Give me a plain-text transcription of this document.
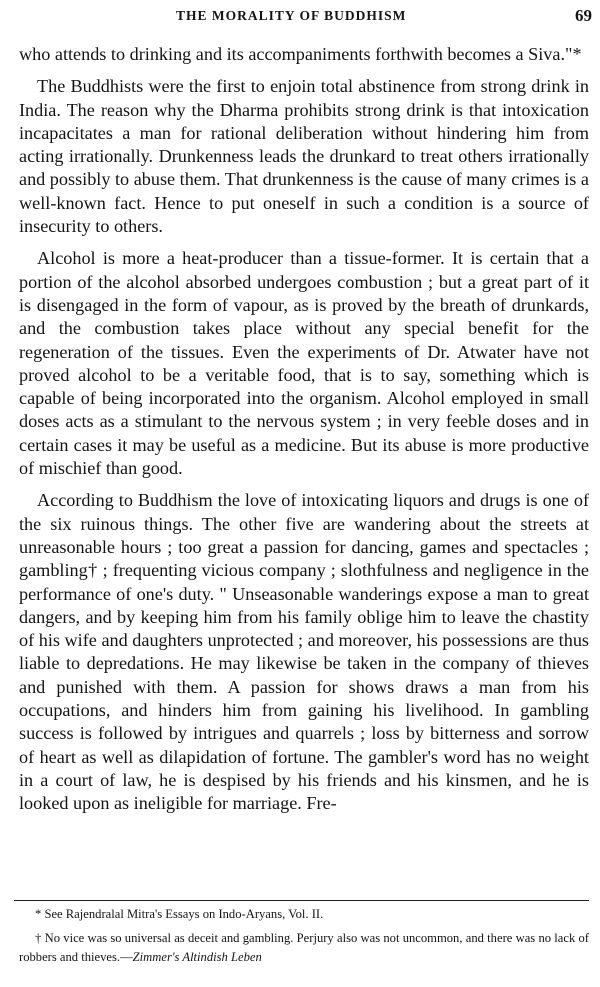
THE MORALITY OF BUDDHISM	69

who attends to drinking and its accompaniments forthwith becomes a Siva."*

The Buddhists were the first to enjoin total abstinence from strong drink in India. The reason why the Dharma prohibits strong drink is that intoxication incapacitates a man for rational deliberation without hindering him from acting irrationally. Drunkenness leads the drunkard to treat others irrationally and possibly to abuse them. That drunkenness is the cause of many crimes is a well-known fact. Hence to put oneself in such a condition is a source of insecurity to others.

Alcohol is more a heat-producer than a tissue-former. It is certain that a portion of the alcohol absorbed undergoes combustion ; but a great part of it is disengaged in the form of vapour, as is proved by the breath of drunkards, and the combustion takes place without any special benefit for the regeneration of the tissues. Even the experiments of Dr. Atwater have not proved alcohol to be a veritable food, that is to say, something which is capable of being incorporated into the organism. Alcohol employed in small doses acts as a stimulant to the nervous system ; in very feeble doses and in certain cases it may be useful as a medicine. But its abuse is more productive of mischief than good.

According to Buddhism the love of intoxicating liquors and drugs is one of the six ruinous things. The other five are wandering about the streets at unreasonable hours ; too great a passion for dancing, games and spectacles ; gambling† ; frequenting vicious company ; slothfulness and negligence in the performance of one's duty. " Unseasonable wanderings expose a man to great dangers, and by keeping him from his family oblige him to leave the chastity of his wife and daughters unprotected ; and moreover, his possessions are thus liable to depredations. He may likewise be taken in the company of thieves and punished with them. A passion for shows draws a man from his occupations, and hinders him from gaining his livelihood. In gambling success is followed by intrigues and quarrels ; loss by bitterness and sorrow of heart as well as dilapidation of fortune. The gambler's word has no weight in a court of law, he is despised by his friends and his kinsmen, and he is looked upon as ineligible for marriage. Fre-

* See Rajendralal Mitra's Essays on Indo-Aryans, Vol. II.

† No vice was so universal as deceit and gambling. Perjury also was not uncommon, and there was no lack of robbers and thieves.—Zimmer's Altindish Leben
